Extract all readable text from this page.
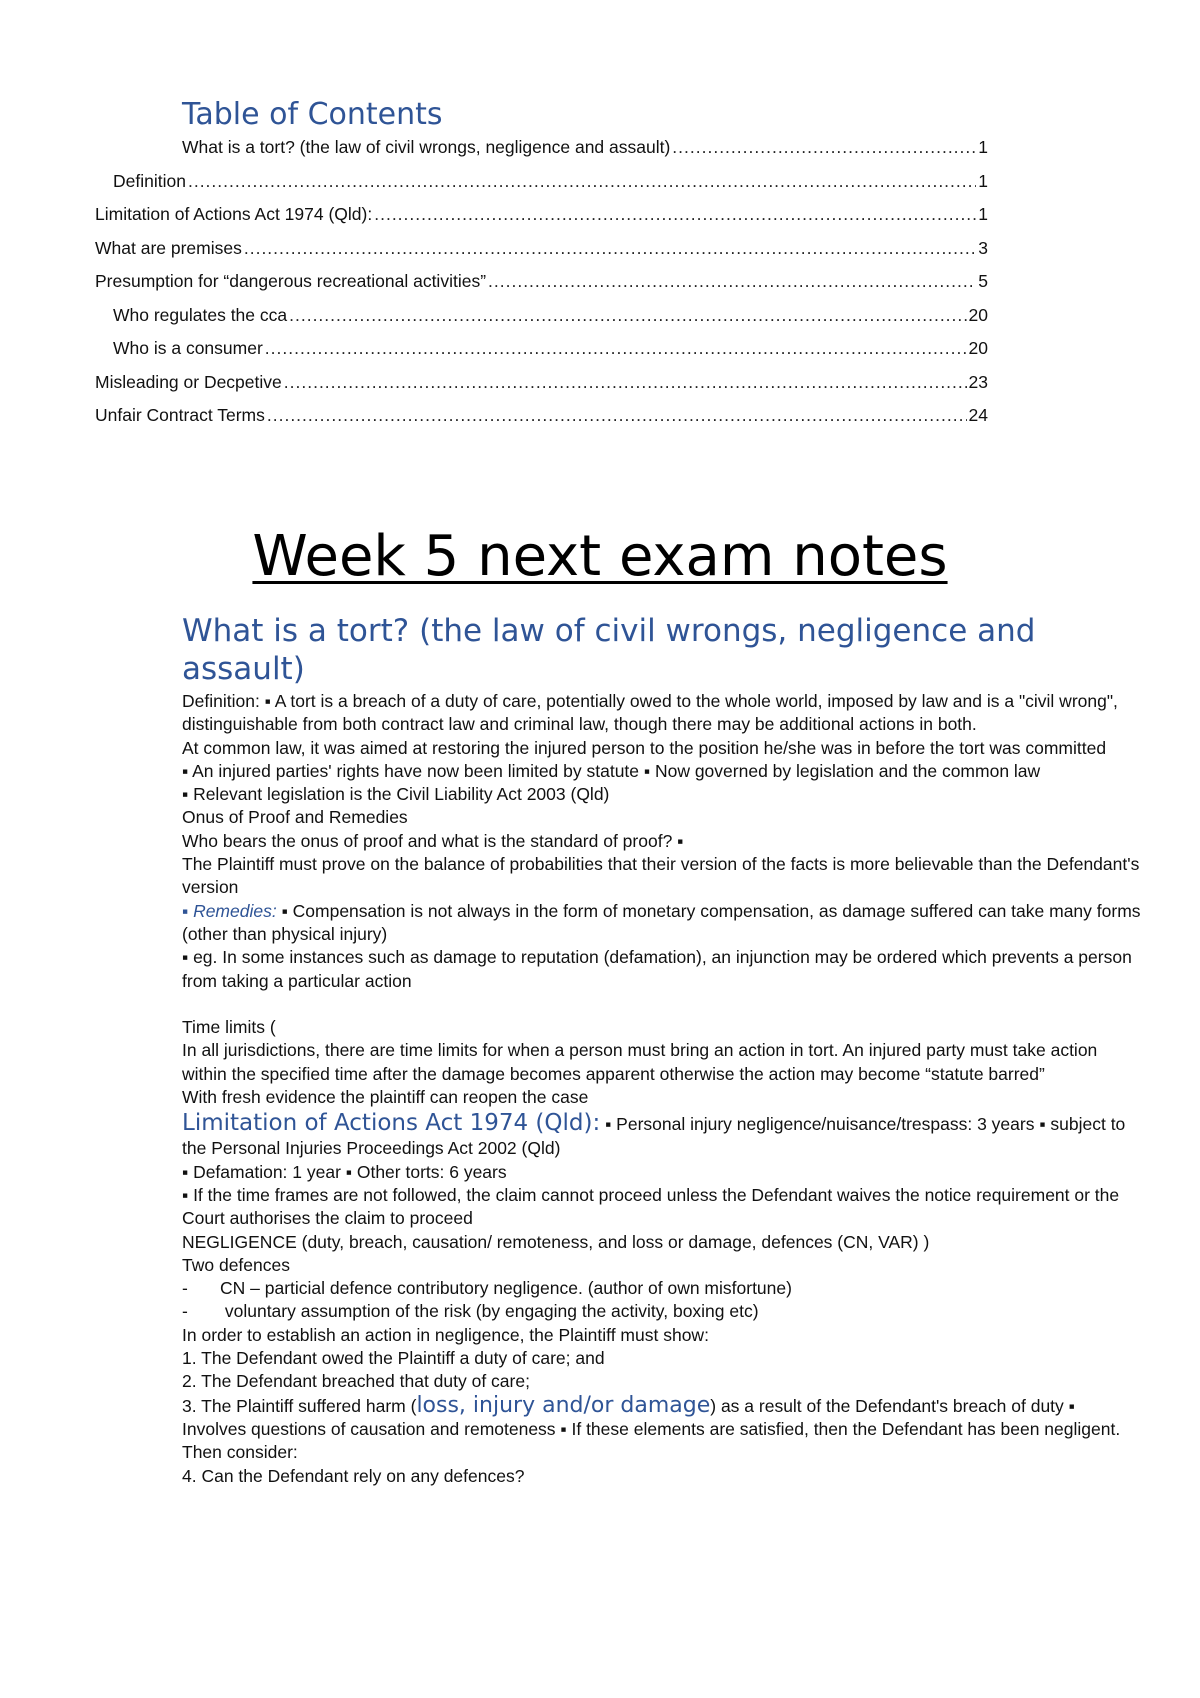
Table of Contents
What is a tort? (the law of civil wrongs, negligence and assault) .....	1
Definition .....	1
Limitation of Actions Act 1974 (Qld): .....	1
What are premises .....	3
Presumption for “dangerous recreational activities” .....	5
Who regulates the cca .....	20
Who is a consumer .....	20
Misleading or Decpetive .....	23
Unfair Contract Terms .....	24
Week 5 next exam notes
What is a tort? (the law of civil wrongs, negligence and assault)

Definition: ▪ A tort is a breach of a duty of care, potentially owed to the whole world, imposed by law and is a "civil wrong", distinguishable from both contract law and criminal law, though there may be additional actions in both.

At common law, it was aimed at restoring the injured person to the position he/she was in before the tort was committed

▪ An injured parties' rights have now been limited by statute ▪ Now governed by legislation and the common law

▪ Relevant legislation is the Civil Liability Act 2003 (Qld)

Onus of Proof and Remedies

Who bears the onus of proof and what is the standard of proof? ▪

The Plaintiff must prove on the balance of probabilities that their version of the facts is more believable than the Defendant's version

▪ Remedies: ▪ Compensation is not always in the form of monetary compensation, as damage suffered can take many forms (other than physical injury)

▪ eg. In some instances such as damage to reputation (defamation), an injunction may be ordered which prevents a person from taking a particular action

Time limits (

In all jurisdictions, there are time limits for when a person must bring an action in tort. An injured party must take action within the specified time after the damage becomes apparent otherwise the action may become “statute barred”

With fresh evidence the plaintiff can reopen the case

Limitation of Actions Act 1974 (Qld): ▪ Personal injury negligence/nuisance/trespass: 3 years ▪ subject to the Personal Injuries Proceedings Act 2002 (Qld)

▪ Defamation: 1 year ▪ Other torts: 6 years

▪ If the time frames are not followed, the claim cannot proceed unless the Defendant waives the notice requirement or the Court authorises the claim to proceed

NEGLIGENCE (duty, breach, causation/ remoteness, and loss or damage, defences (CN, VAR) )

Two defences

- CN – particial defence contributory negligence. (author of own misfortune)

- voluntary assumption of the risk (by engaging the activity, boxing etc)

In order to establish an action in negligence, the Plaintiff must show:

1. The Defendant owed the Plaintiff a duty of care; and

2. The Defendant breached that duty of care;

3. The Plaintiff suffered harm (loss, injury and/or damage) as a result of the Defendant's breach of duty ▪ Involves questions of causation and remoteness ▪ If these elements are satisfied, then the Defendant has been negligent. Then consider:

4. Can the Defendant rely on any defences?
